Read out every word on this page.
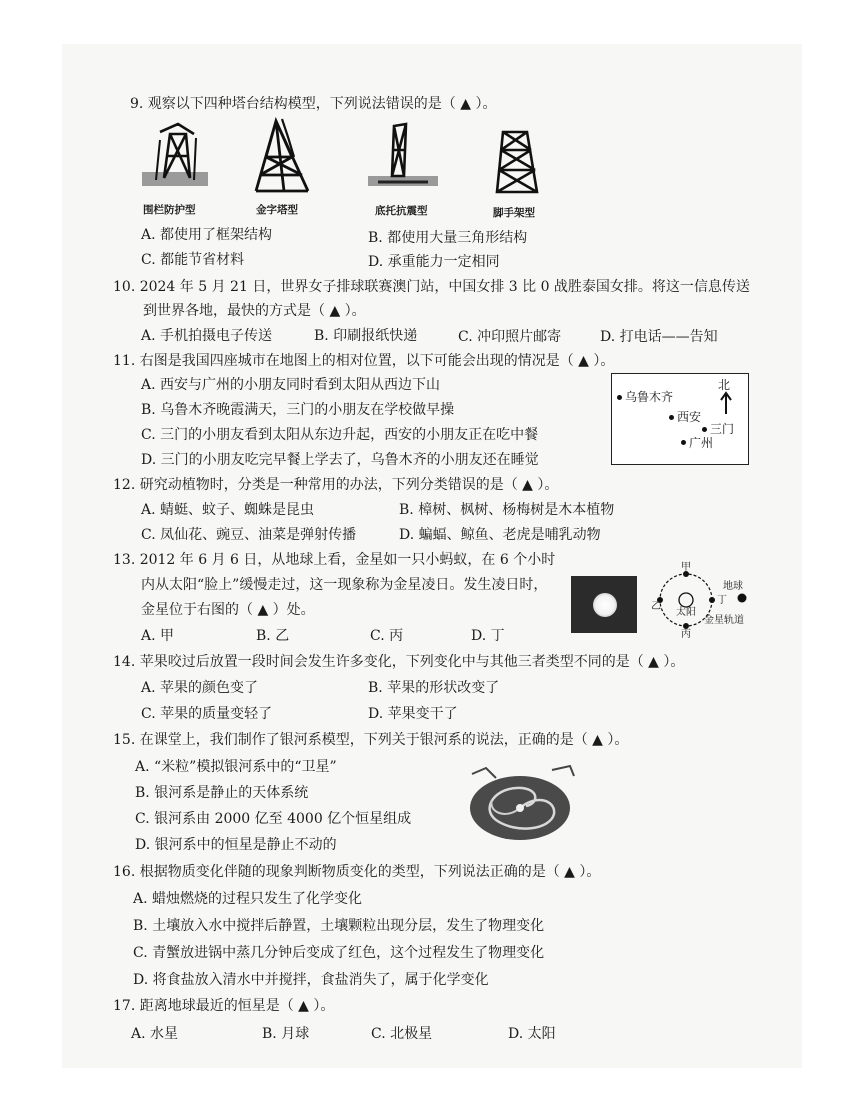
9. 观察以下四种塔台结构模型，下列说法错误的是（ ▲ ）。
围栏防护型	金字塔型	底托抗震型	脚手架型
A. 都使用了框架结构	B. 都使用大量三角形结构
C. 都能节省材料	D. 承重能力一定相同
10. 2024 年 5 月 21 日，世界女子排球联赛澳门站，中国女排 3 比 0 战胜泰国女排。将这一信息传送
到世界各地，最快的方式是（ ▲ ）。
A. 手机拍摄电子传送	B. 印刷报纸快递	C. 冲印照片邮寄	D. 打电话——告知
11. 右图是我国四座城市在地图上的相对位置，以下可能会出现的情况是（ ▲ ）。
A. 西安与广州的小朋友同时看到太阳从西边下山
B. 乌鲁木齐晚霞满天，三门的小朋友在学校做早操
C. 三门的小朋友看到太阳从东边升起，西安的小朋友正在吃中餐
D. 三门的小朋友吃完早餐上学去了，乌鲁木齐的小朋友还在睡觉
乌鲁木齐
北
西安
三门
广州
12. 研究动植物时，分类是一种常用的办法，下列分类错误的是（ ▲ ）。
A. 蜻蜓、蚊子、蜘蛛是昆虫	B. 樟树、枫树、杨梅树是木本植物
C. 凤仙花、豌豆、油菜是弹射传播	D. 蝙蝠、鲸鱼、老虎是哺乳动物
13. 2012 年 6 月 6 日，从地球上看，金星如一只小蚂蚁，在 6 个小时
内从太阳“脸上”缓慢走过，这一现象称为金星凌日。发生凌日时，
金星位于右图的（ ▲ ）处。
A. 甲	B. 乙	C. 丙	D. 丁
甲
乙
太阳
丁
丙
地球
金星轨道
14. 苹果咬过后放置一段时间会发生许多变化，下列变化中与其他三者类型不同的是（ ▲ ）。
A. 苹果的颜色变了	B. 苹果的形状改变了
C. 苹果的质量变轻了	D. 苹果变干了
15. 在课堂上，我们制作了银河系模型，下列关于银河系的说法，正确的是（ ▲ ）。
A. “米粒”模拟银河系中的“卫星”
B. 银河系是静止的天体系统
C. 银河系由 2000 亿至 4000 亿个恒星组成
D. 银河系中的恒星是静止不动的
16. 根据物质变化伴随的现象判断物质变化的类型，下列说法正确的是（ ▲ ）。
A. 蜡烛燃烧的过程只发生了化学变化
B. 土壤放入水中搅拌后静置，土壤颗粒出现分层，发生了物理变化
C. 青蟹放进锅中蒸几分钟后变成了红色，这个过程发生了物理变化
D. 将食盐放入清水中并搅拌，食盐消失了，属于化学变化
17. 距离地球最近的恒星是（ ▲ ）。
A. 水星	B. 月球	C. 北极星	D. 太阳
